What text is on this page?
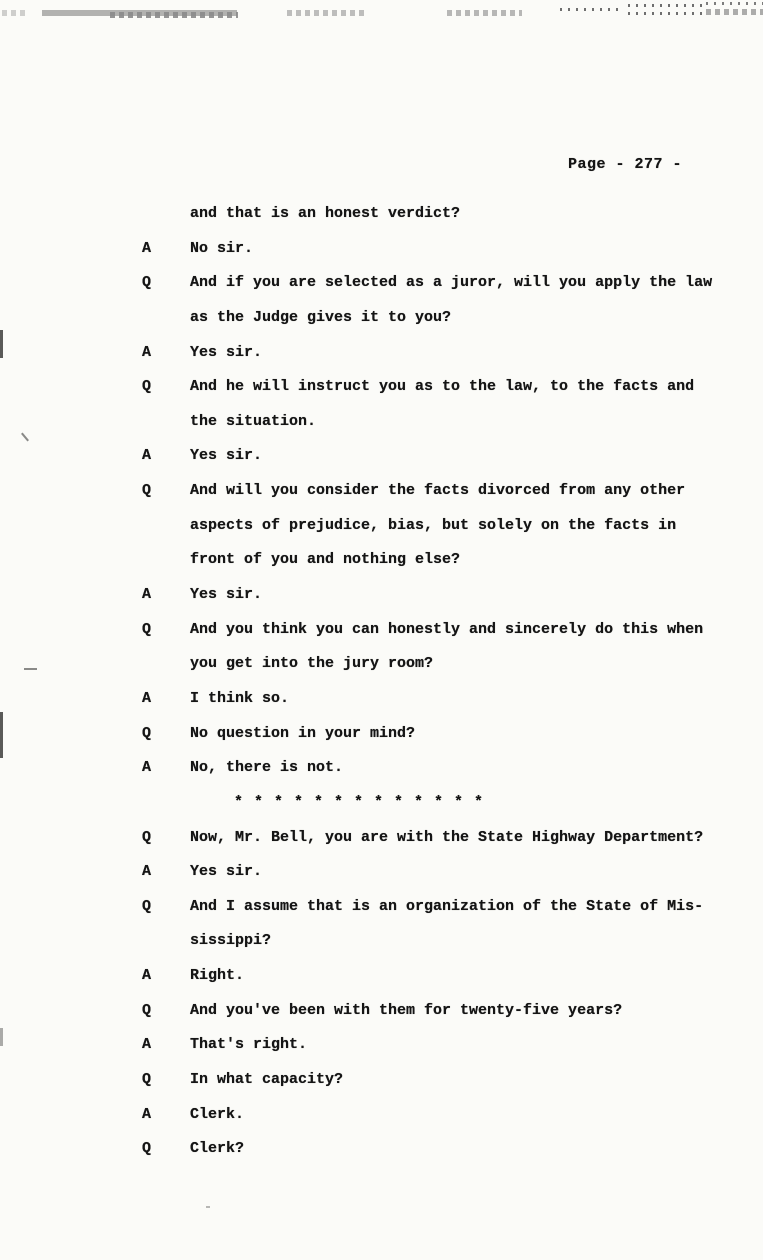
Page - 277 -
and that is an honest verdict?
A	No sir.
Q	And if you are selected as a juror, will you apply the law
as the Judge gives it to you?
A	Yes sir.
Q	And he will instruct you as to the law, to the facts and
the situation.
A	Yes sir.
Q	And will you consider the facts divorced from any other
aspects of prejudice, bias, but solely on the facts in
front of you and nothing else?
A	Yes sir.
Q	And you think you can honestly and sincerely do this when
you get into the jury room?
A	I think so.
Q	No question in your mind?
A	No, there is not.
* * * * * * * * * * * * *
Q	Now, Mr. Bell, you are with the State Highway Department?
A	Yes sir.
Q	And I assume that is an organization of the State of Mis-
sissippi?
A	Right.
Q	And you've been with them for twenty-five years?
A	That's right.
Q	In what capacity?
A	Clerk.
Q	Clerk?
